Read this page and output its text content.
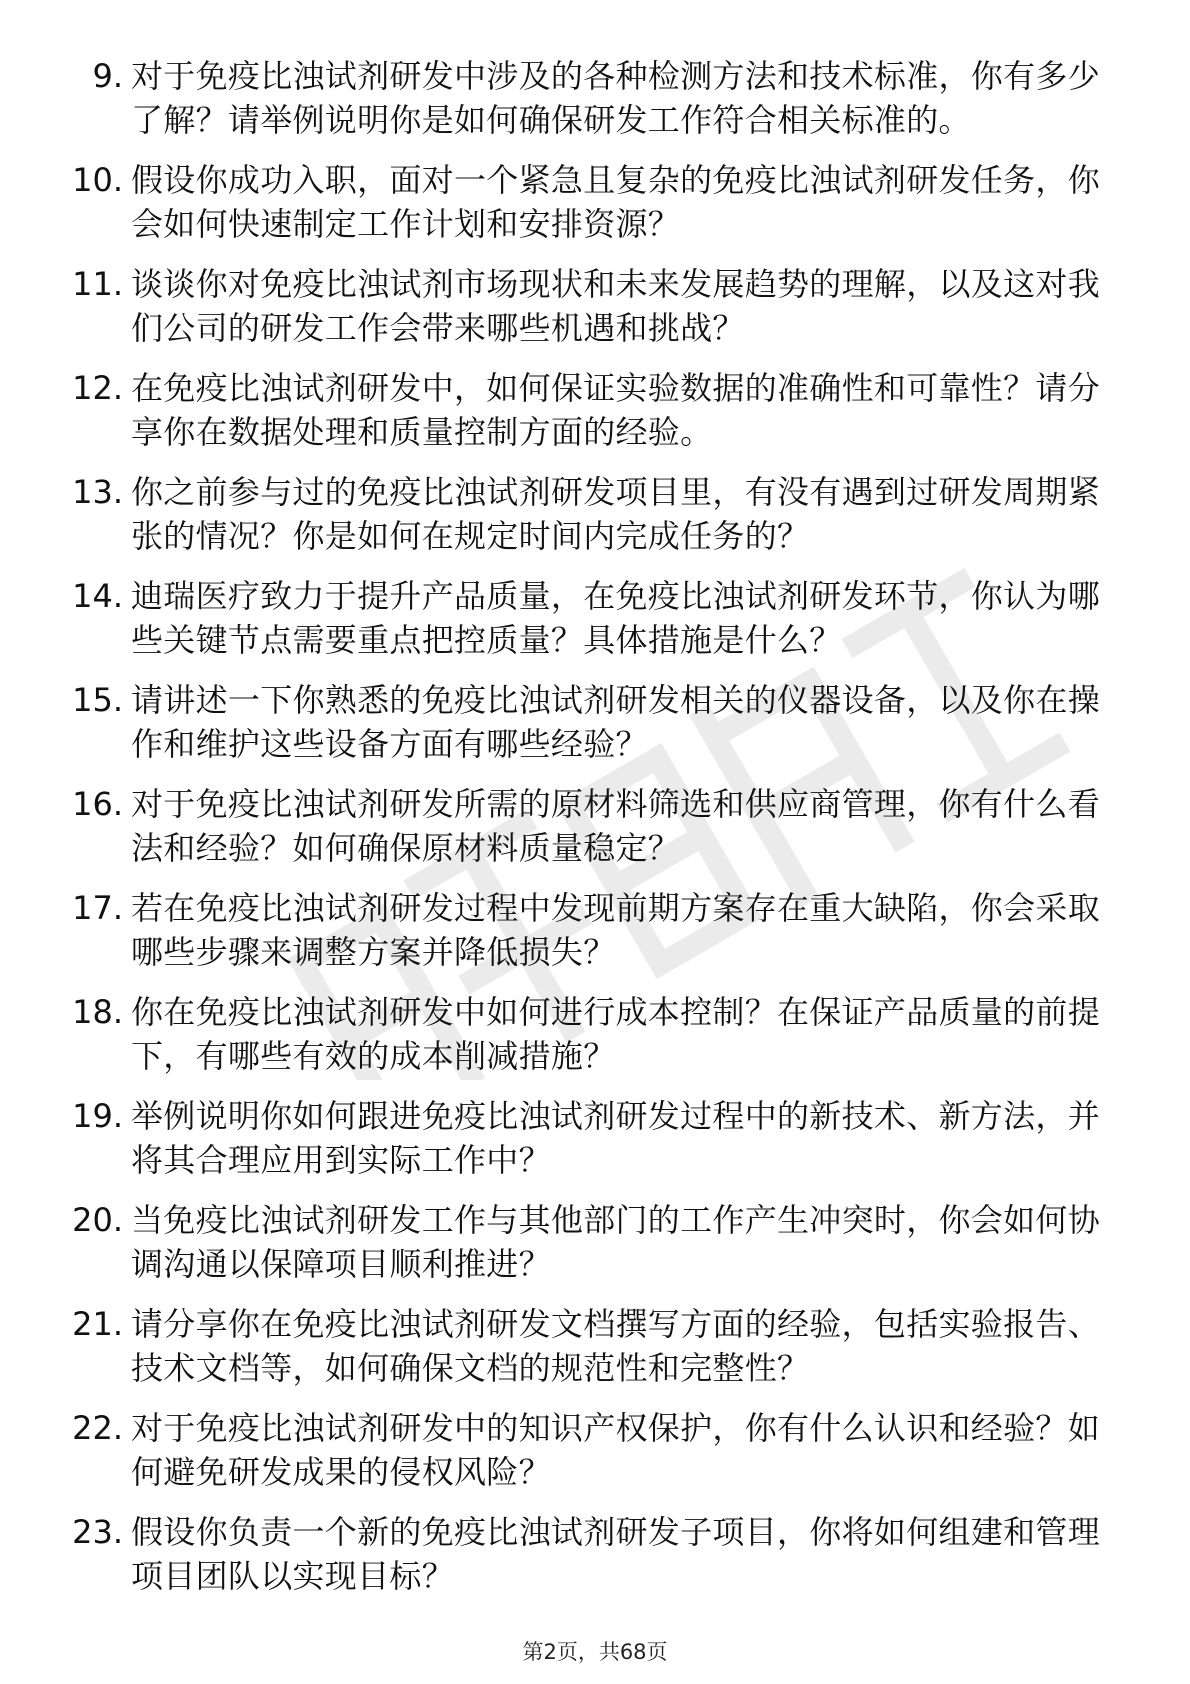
9. 对于免疫比浊试剂研发中涉及的各种检测方法和技术标准，你有多少了解？请举例说明你是如何确保研发工作符合相关标准的。
10. 假设你成功入职，面对一个紧急且复杂的免疫比浊试剂研发任务，你会如何快速制定工作计划和安排资源？
11. 谈谈你对免疫比浊试剂市场现状和未来发展趋势的理解，以及这对我们公司的研发工作会带来哪些机遇和挑战？
12. 在免疫比浊试剂研发中，如何保证实验数据的准确性和可靠性？请分享你在数据处理和质量控制方面的经验。
13. 你之前参与过的免疫比浊试剂研发项目里，有没有遇到过研发周期紧张的情况？你是如何在规定时间内完成任务的？
14. 迪瑞医疗致力于提升产品质量，在免疫比浊试剂研发环节，你认为哪些关键节点需要重点把控质量？具体措施是什么？
15. 请讲述一下你熟悉的免疫比浊试剂研发相关的仪器设备，以及你在操作和维护这些设备方面有哪些经验？
16. 对于免疫比浊试剂研发所需的原材料筛选和供应商管理，你有什么看法和经验？如何确保原材料质量稳定？
17. 若在免疫比浊试剂研发过程中发现前期方案存在重大缺陷，你会采取哪些步骤来调整方案并降低损失？
18. 你在免疫比浊试剂研发中如何进行成本控制？在保证产品质量的前提下，有哪些有效的成本削减措施？
19. 举例说明你如何跟进免疫比浊试剂研发过程中的新技术、新方法，并将其合理应用到实际工作中？
20. 当免疫比浊试剂研发工作与其他部门的工作产生冲突时，你会如何协调沟通以保障项目顺利推进？
21. 请分享你在免疫比浊试剂研发文档撰写方面的经验，包括实验报告、技术文档等，如何确保文档的规范性和完整性？
22. 对于免疫比浊试剂研发中的知识产权保护，你有什么认识和经验？如何避免研发成果的侵权风险？
23. 假设你负责一个新的免疫比浊试剂研发子项目，你将如何组建和管理项目团队以实现目标？
第2页，共68页
